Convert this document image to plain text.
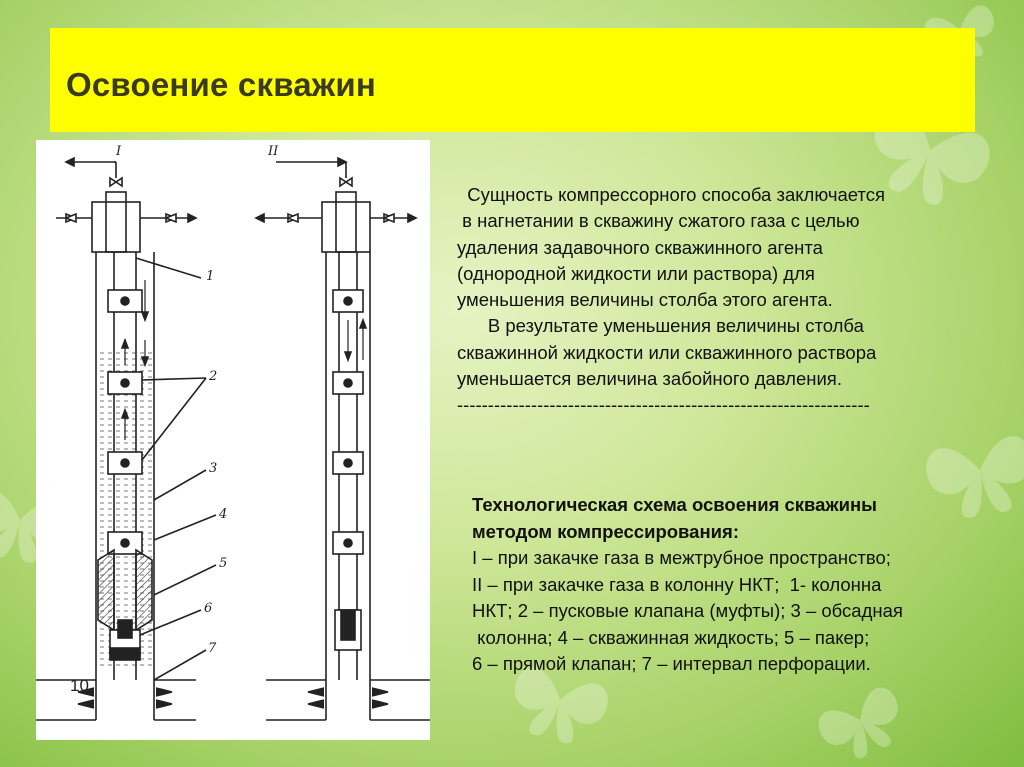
Освоение скважин
I
1
2
3
4
5
6
7
II
10
Сущность компрессорного способа заключается
в нагнетании в скважину сжатого газа с целью
удаления задавочного скважинного агента
(однородной жидкости или раствора) для
уменьшения величины столба этого агента.
В результате уменьшения величины столба
скважинной жидкости или скважинного раствора
уменьшается величина забойного давления.
-------------------------------------------------------------------
Технологическая схема освоения скважины
методом компрессирования:
I – при закачке газа в межтрубное пространство;
II – при закачке газа в колонну НКТ;  1- колонна
НКТ; 2 – пусковые клапана (муфты); 3 – обсадная
колонна; 4 – скважинная жидкость; 5 – пакер;
6 – прямой клапан; 7 – интервал перфорации.
